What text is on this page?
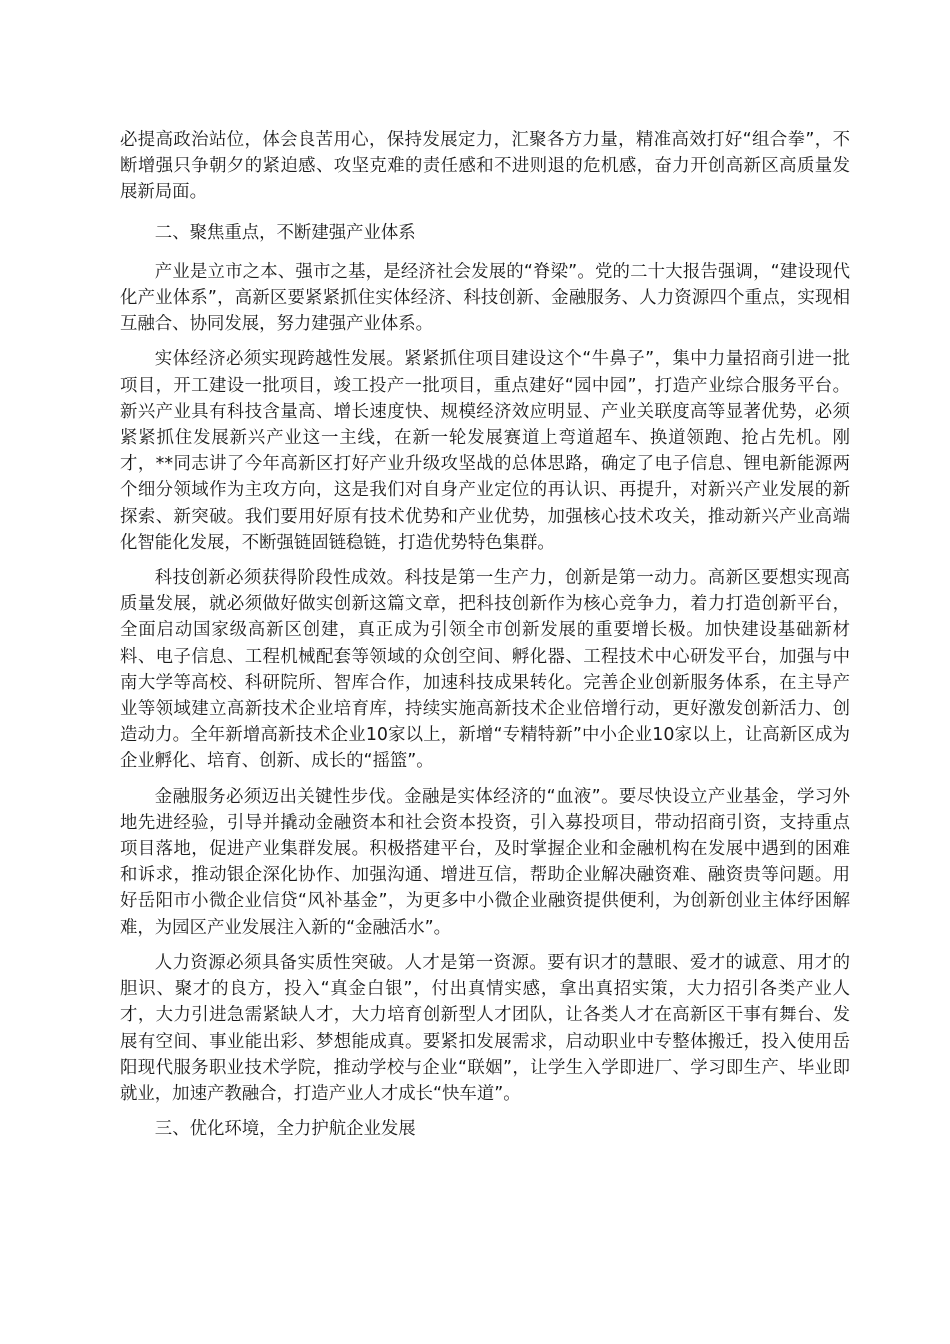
必提高政治站位，体会良苦用心，保持发展定力，汇聚各方力量，精准高效打好“组合拳”，不断增强只争朝夕的紧迫感、攻坚克难的责任感和不进则退的危机感，奋力开创高新区高质量发展新局面。

二、聚焦重点，不断建强产业体系

产业是立市之本、强市之基，是经济社会发展的“脊梁”。党的二十大报告强调，“建设现代化产业体系”，高新区要紧紧抓住实体经济、科技创新、金融服务、人力资源四个重点，实现相互融合、协同发展，努力建强产业体系。

实体经济必须实现跨越性发展。紧紧抓住项目建设这个“牛鼻子”，集中力量招商引进一批项目，开工建设一批项目，竣工投产一批项目，重点建好“园中园”，打造产业综合服务平台。新兴产业具有科技含量高、增长速度快、规模经济效应明显、产业关联度高等显著优势，必须紧紧抓住发展新兴产业这一主线，在新一轮发展赛道上弯道超车、换道领跑、抢占先机。刚才，**同志讲了今年高新区打好产业升级攻坚战的总体思路，确定了电子信息、锂电新能源两个细分领域作为主攻方向，这是我们对自身产业定位的再认识、再提升，对新兴产业发展的新探索、新突破。我们要用好原有技术优势和产业优势，加强核心技术攻关，推动新兴产业高端化智能化发展，不断强链固链稳链，打造优势特色集群。

科技创新必须获得阶段性成效。科技是第一生产力，创新是第一动力。高新区要想实现高质量发展，就必须做好做实创新这篇文章，把科技创新作为核心竞争力，着力打造创新平台，全面启动国家级高新区创建，真正成为引领全市创新发展的重要增长极。加快建设基础新材料、电子信息、工程机械配套等领域的众创空间、孵化器、工程技术中心研发平台，加强与中南大学等高校、科研院所、智库合作，加速科技成果转化。完善企业创新服务体系，在主导产业等领域建立高新技术企业培育库，持续实施高新技术企业倍增行动，更好激发创新活力、创造动力。全年新增高新技术企业10家以上，新增“专精特新”中小企业10家以上，让高新区成为企业孵化、培育、创新、成长的“摇篮”。

金融服务必须迈出关键性步伐。金融是实体经济的“血液”。要尽快设立产业基金，学习外地先进经验，引导并撬动金融资本和社会资本投资，引入募投项目，带动招商引资，支持重点项目落地，促进产业集群发展。积极搭建平台，及时掌握企业和金融机构在发展中遇到的困难和诉求，推动银企深化协作、加强沟通、增进互信，帮助企业解决融资难、融资贵等问题。用好岳阳市小微企业信贷“风补基金”，为更多中小微企业融资提供便利，为创新创业主体纾困解难，为园区产业发展注入新的“金融活水”。

人力资源必须具备实质性突破。人才是第一资源。要有识才的慧眼、爱才的诚意、用才的胆识、聚才的良方，投入“真金白银”，付出真情实感，拿出真招实策，大力招引各类产业人才，大力引进急需紧缺人才，大力培育创新型人才团队，让各类人才在高新区干事有舞台、发展有空间、事业能出彩、梦想能成真。要紧扣发展需求，启动职业中专整体搬迁，投入使用岳阳现代服务职业技术学院，推动学校与企业“联姻”，让学生入学即进厂、学习即生产、毕业即就业，加速产教融合，打造产业人才成长“快车道”。

三、优化环境，全力护航企业发展
